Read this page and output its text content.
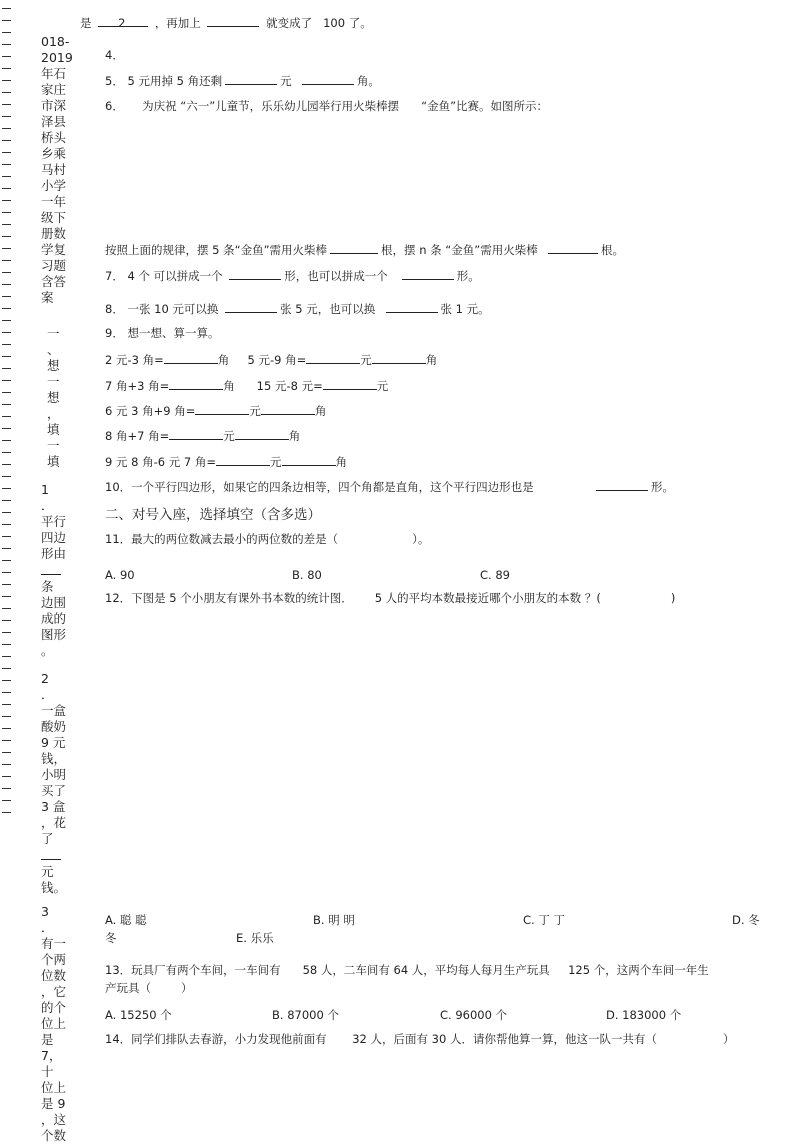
018-
2019
年石
家庄
市深
泽县
桥头
乡乘
马村
小学
一年
级下
册数
学复
习题
含答
案
一
、想
一想
，填
一填
1
．
平行
四边
形由
条
边围
成的
图形
。
2
．
一盒
酸奶
9 元
钱，
小明
买了
3 盒
，花
了
元
钱。
3
．
有一
个两
位数
，它
的个
位上
是
7，十
位上
是 9
，这
个数
是 2	，再加上	就变成了 100 了。
4．
5． 5 元用掉 5 角还剩	元	角。
6． 为庆祝 “六一”儿童节，乐乐幼儿园举行用火柴棒摆 “金鱼”比赛。如图所示：
按照上面的规律，摆 5 条“金鱼”需用火柴棒	根，摆 n 条 “金鱼”需用火柴棒	根。
7． 4 个 可以拼成一个	形，也可以拼成一个	形。
8． 一张 10 元可以换	张 5 元，也可以换	张 1 元。
9． 想一想、算一算。
2 元-3 角=	角 5 元-9 角=	元	角
7 角+3 角=	角 15 元-8 元=	元
6 元 3 角+9 角=	元	角
8 角+7 角=	元	角
9 元 8 角-6 元 7 角=	元	角
10．一个平行四边形，如果它的四条边相等，四个角都是直角，这个平行四边形也是	形。
二、对号入座，选择填空（含多选）
11．最大的两位数减去最小的两位数的差是（	）。
A. 90	B. 80	C. 89
12．下图是 5 个小朋友有课外书本数的统计图． 5 人的平均本数最接近哪个小朋友的本数 ？(	)
A. 聪 聪	B. 明 明	C. 丁 丁	D. 冬
冬	E. 乐乐
13．玩具厂有两个车间，一车间有 58 人，二车间有 64 人，平均每人每月生产玩具 125 个，这两个车间一年生
产玩具（	）
A. 15250 个	B. 87000 个	C. 96000 个	D. 183000 个
14．同学们排队去春游，小力发现他前面有 32 人，后面有 30 人．请你帮他算一算，他这一队一共有（	）
